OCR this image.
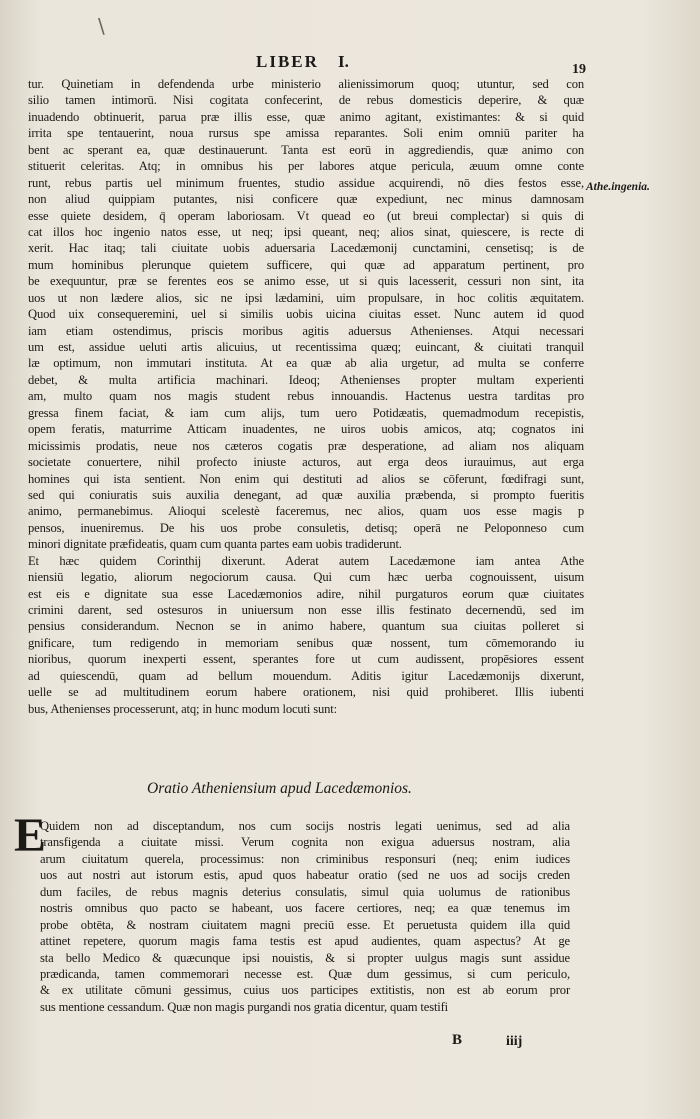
\
LIBER I.	19
tur. Quinetiam in defendenda urbe ministerio alienissimorum quoq; utuntur, sed con
silio tamen intimorū. Nisi cogitata confecerint, de rebus domesticis deperire, & quæ
inuadendo obtinuerit, parua præ illis esse, quæ animo agitant, existimantes: & si quid
irrita spe tentauerint, noua rursus spe amissa reparantes. Soli enim omniū pariter ha
bent ac sperant ea, quæ destinauerunt. Tanta est eorū in aggrediendis, quæ animo con
stituerit celeritas. Atq; in omnibus his per labores atque pericula, æuum omne conte
runt, rebus partis uel minimum fruentes, studio assidue acquirendi, nō dies festos esse,
non aliud quippiam putantes, nisi conficere quæ expediunt, nec minus damnosam
esse quiete desidem, q̄ operam laboriosam. Vt quead eo (ut breui complectar) si quis di
cat illos hoc ingenio natos esse, ut neq; ipsi queant, neq; alios sinat, quiescere, is recte di
xerit. Hac itaq; tali ciuitate uobis aduersaria Lacedæmonij cunctamini, censetisq; is de
mum hominibus plerunque quietem sufficere, qui quæ ad apparatum pertinent, pro
be exequuntur, præ se ferentes eos se animo esse, ut si quis lacesserit, cessuri non sint, ita
uos ut non lædere alios, sic ne ipsi lædamini, uim propulsare, in hoc colitis æquitatem.
Quod uix consequeremini, uel si similis uobis uicina ciuitas esset. Nunc autem id quod
iam etiam ostendimus, priscis moribus agitis aduersus Athenienses. Atqui necessari
um est, assidue ueluti artis alicuius, ut recentissima quæq; euincant, & ciuitati tranquil
læ optimum, non immutari instituta. At ea quæ ab alia urgetur, ad multa se conferre
debet, & multa artificia machinari. Ideoq; Athenienses propter multam experienti
am, multo quam nos magis student rebus innouandis. Hactenus uestra tarditas pro
gressa finem faciat, & iam cum alijs, tum uero Potidæatis, quemadmodum recepistis,
opem feratis, maturrime Atticam inuadentes, ne uiros uobis amicos, atq; cognatos ini
micissimis prodatis, neue nos cæteros cogatis præ desperatione, ad aliam nos aliquam
societate conuertere, nihil profecto iniuste acturos, aut erga deos iurauimus, aut erga
homines qui ista sentient. Non enim qui destituti ad alios se cōferunt, fœdifragi sunt,
sed qui coniuratis suis auxilia denegant, ad quæ auxilia præbenda, si prompto fueritis
animo, permanebimus. Alioqui scelestè faceremus, nec alios, quam uos esse magis p
pensos, inueniremus. De his uos probe consuletis, detisq; operā ne Peloponneso cum
minori dignitate præfideatis, quam cum quanta partes eam uobis tradiderunt.
Et hæc quidem Corinthij dixerunt. Aderat autem Lacedæmone iam antea Athe
niensiū legatio, aliorum negociorum causa. Qui cum hæc uerba cognouissent, uisum
est eis e dignitate sua esse Lacedæmonios adire, nihil purgaturos eorum quæ ciuitates
crimini darent, sed ostesuros in uniuersum non esse illis festinato decernendū, sed im
pensius considerandum. Necnon se in animo habere, quantum sua ciuitas polleret si
gnificare, tum redigendo in memoriam senibus quæ nossent, tum cōmemorando iu
nioribus, quorum inexperti essent, sperantes fore ut cum audissent, propēsiores essent
ad quiescendū, quam ad bellum mouendum. Aditis igitur Lacedæmonijs dixerunt,
uelle se ad multitudinem eorum habere orationem, nisi quid prohiberet. Illis iubenti
bus, Athenienses processerunt, atq; in hunc modum locuti sunt:
Athe.ingenia.
Oratio Atheniensium apud Lacedæmonios.
E
Quidem non ad disceptandum, nos cum socijs nostris legati uenimus, sed ad alia
transfigenda a ciuitate missi. Verum cognita non exigua aduersus nostram, alia
arum ciuitatum querela, processimus: non criminibus responsuri (neq; enim iudices
uos aut nostri aut istorum estis, apud quos habeatur oratio (sed ne uos ad socijs creden
dum faciles, de rebus magnis deterius consulatis, simul quia uolumus de rationibus
nostris omnibus quo pacto se habeant, uos facere certiores, neq; ea quæ tenemus im
probe obtēta, & nostram ciuitatem magni preciū esse. Et peruetusta quidem illa quid
attinet repetere, quorum magis fama testis est apud audientes, quam aspectus? At ge
sta bello Medico & quæcunque ipsi nouistis, & si propter uulgus magis sunt assidue
prædicanda, tamen commemorari necesse est. Quæ dum gessimus, si cum periculo,
& ex utilitate cōmuni gessimus, cuius uos participes extitistis, non est ab eorum pror
sus mentione cessandum. Quæ non magis purgandi nos gratia dicentur, quam testifi
B	iiij
